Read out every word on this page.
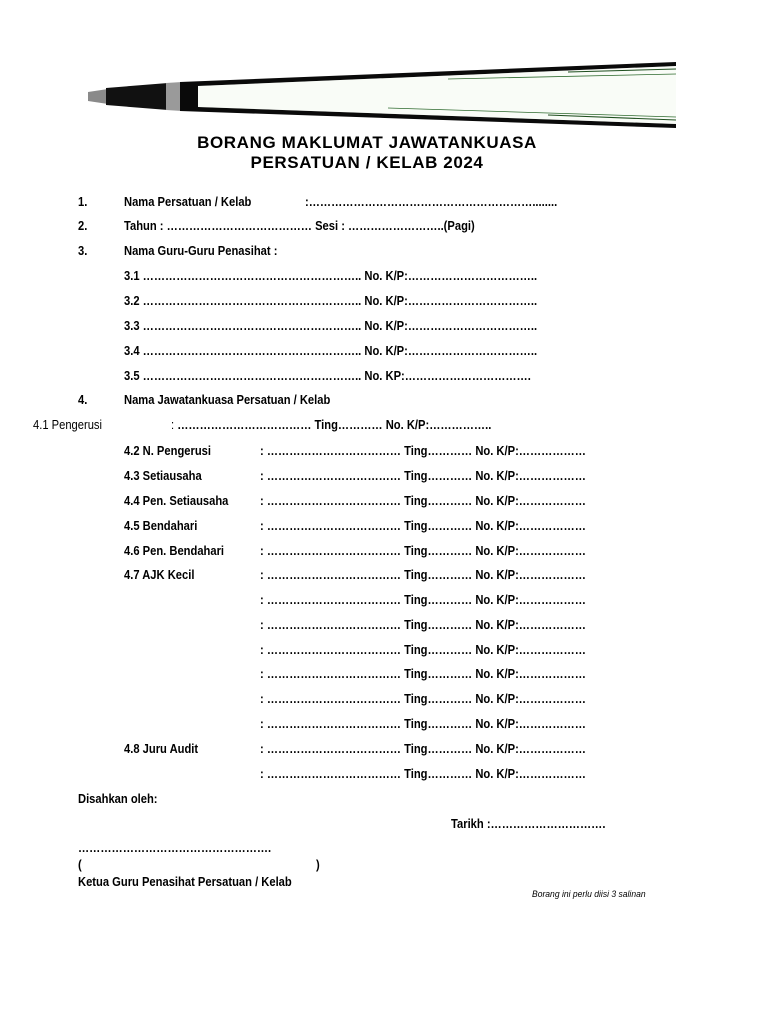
BORANG MAKLUMAT JAWATANKUASA
PERSATUAN / KELAB 2024
1.	Nama Persatuan / Kelab	:……………………………………………………........
2.	Tahun : ………………………………… Sesi : ……………………..(Pagi)
3.	Nama Guru-Guru Penasihat :
3.1 ………………………………………………….. No. K/P:……………………………..
3.2 ………………………………………………….. No. K/P:……………………………..
3.3 ………………………………………………….. No. K/P:……………………………..
3.4 ………………………………………………….. No. K/P:……………………………..
3.5 ………………………………………………….. No. KP:…………………………….
4.	Nama Jawatankuasa Persatuan / Kelab
4.1 Pengerusi	: ……………………………… Ting………… No. K/P:……………..
4.2 N. Pengerusi	: ……………………………… Ting………… No. K/P:………………
4.3 Setiausaha	: ……………………………… Ting………… No. K/P:………………
4.4 Pen. Setiausaha : ……………………………… Ting………… No. K/P:………………
4.5 Bendahari	: ……………………………… Ting………… No. K/P:………………
4.6 Pen. Bendahari	: ……………………………… Ting………… No. K/P:………………
4.7 AJK Kecil	: ……………………………… Ting………… No. K/P:………………
: ……………………………… Ting………… No. K/P:………………
: ……………………………… Ting………… No. K/P:………………
: ……………………………… Ting………… No. K/P:………………
: ……………………………… Ting………… No. K/P:………………
: ……………………………… Ting………… No. K/P:………………
: ……………………………… Ting………… No. K/P:………………
4.8 Juru Audit	: ……………………………… Ting………… No. K/P:………………
: ……………………………… Ting………… No. K/P:………………
Disahkan oleh:
Tarikh :………………………….
…………………………………………….
(	)
Ketua Guru Penasihat Persatuan / Kelab
Borang ini perlu diisi 3 salinan
